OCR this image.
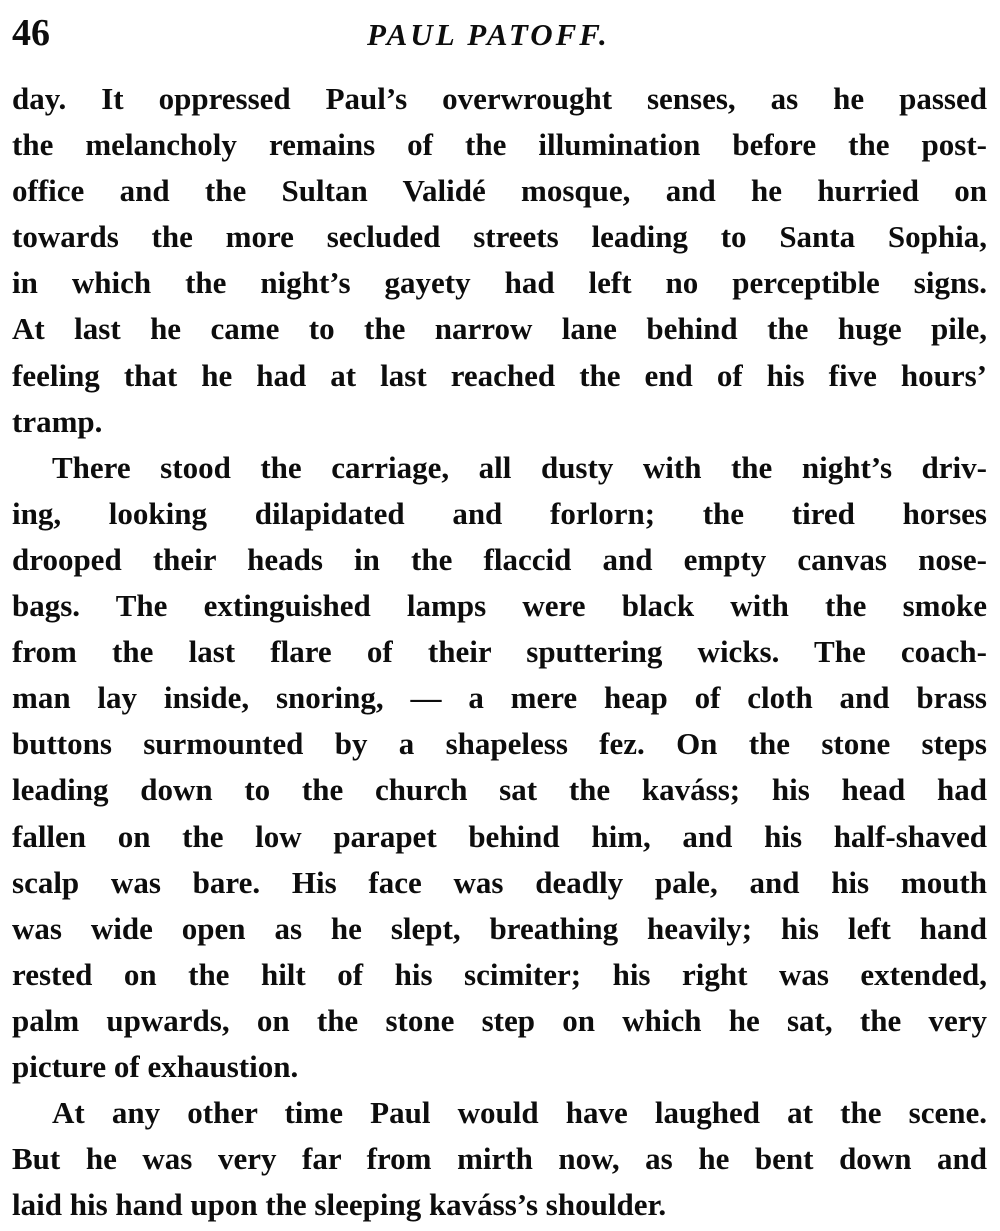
46	PAUL PATOFF.
day. It oppressed Paul’s overwrought senses, as he passed
the melancholy remains of the illumination before the post-
office and the Sultan Validé mosque, and he hurried on
towards the more secluded streets leading to Santa Sophia,
in which the night’s gayety had left no perceptible signs.
At last he came to the narrow lane behind the huge pile,
feeling that he had at last reached the end of his five hours’
tramp.
There stood the carriage, all dusty with the night’s driv-
ing, looking dilapidated and forlorn; the tired horses
drooped their heads in the flaccid and empty canvas nose-
bags. The extinguished lamps were black with the smoke
from the last flare of their sputtering wicks. The coach-
man lay inside, snoring, — a mere heap of cloth and brass
buttons surmounted by a shapeless fez. On the stone steps
leading down to the church sat the kaváss; his head had
fallen on the low parapet behind him, and his half-shaved
scalp was bare. His face was deadly pale, and his mouth
was wide open as he slept, breathing heavily; his left hand
rested on the hilt of his scimiter; his right was extended,
palm upwards, on the stone step on which he sat, the very
picture of exhaustion.
At any other time Paul would have laughed at the scene.
But he was very far from mirth now, as he bent down and
laid his hand upon the sleeping kaváss’s shoulder.
